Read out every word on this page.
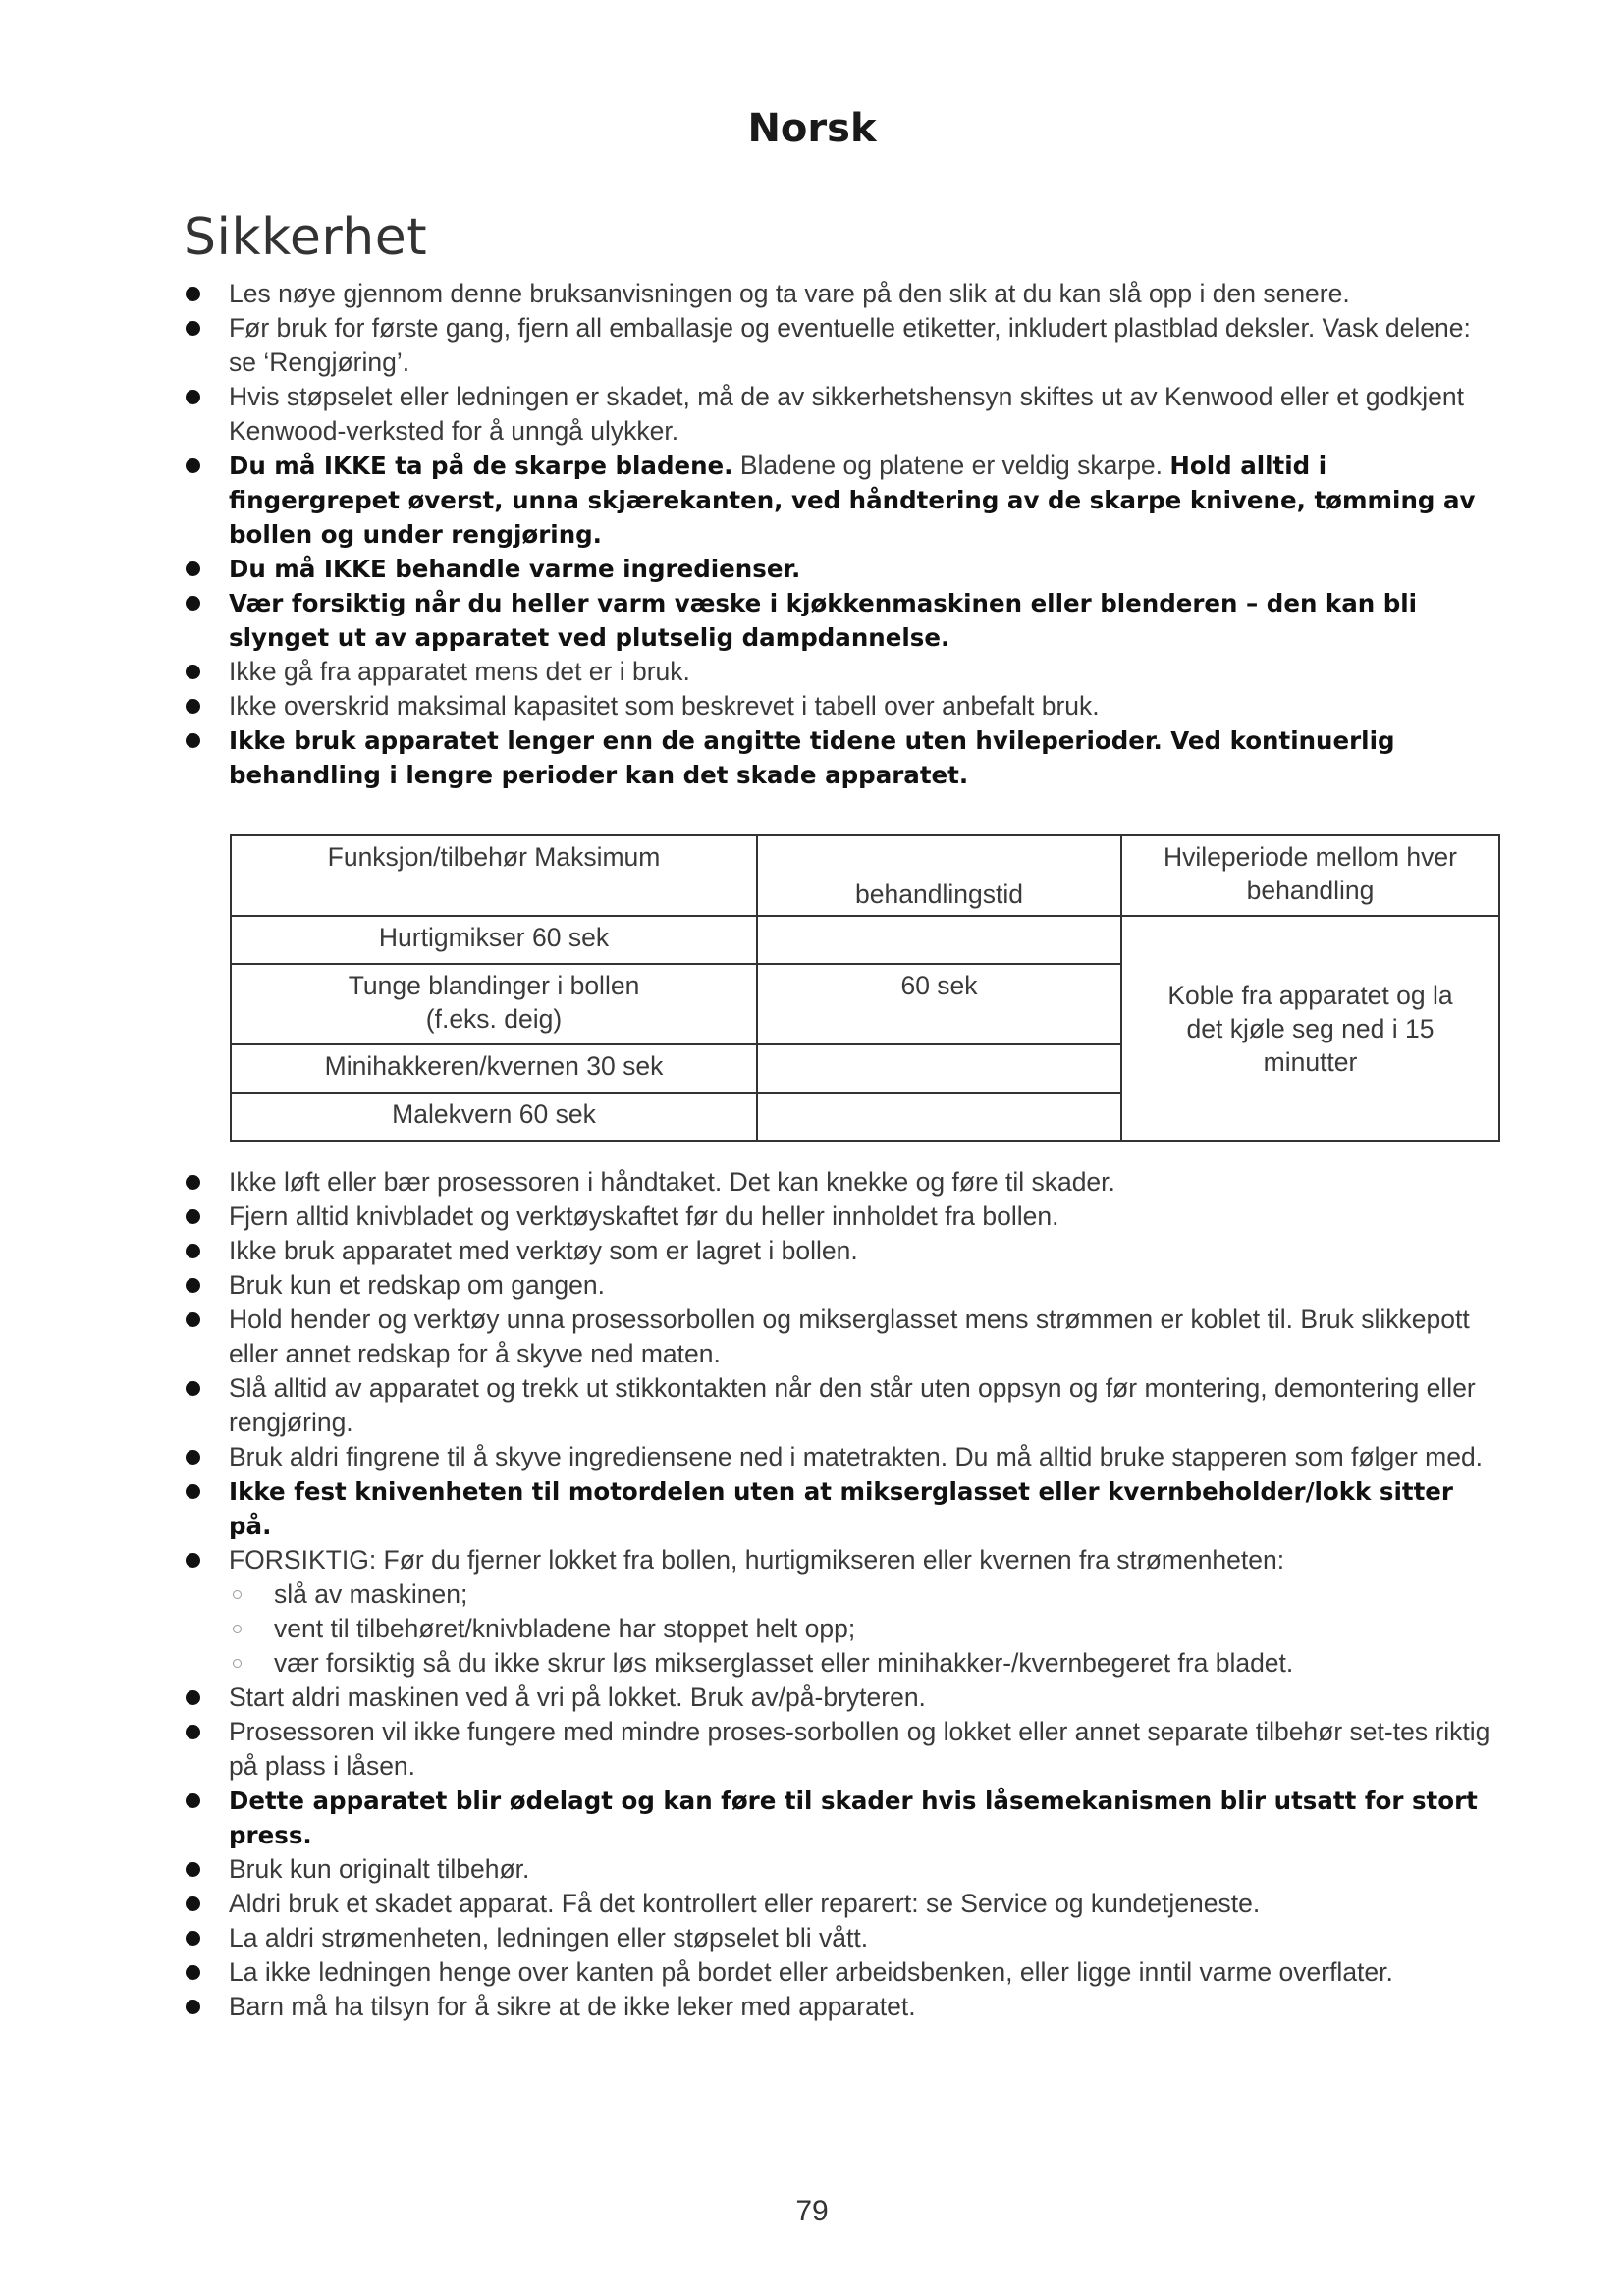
Norsk
Sikkerhet
Les nøye gjennom denne bruksanvisningen og ta vare på den slik at du kan slå opp i den senere.
Før bruk for første gang, fjern all emballasje og eventuelle etiketter, inkludert plastblad deksler. Vask delene: se ‘Rengjøring’.
Hvis støpselet eller ledningen er skadet, må de av sikkerhetshensyn skiftes ut av Kenwood eller et godkjent Kenwood-verksted for å unngå ulykker.
Du må IKKE ta på de skarpe bladene. Bladene og platene er veldig skarpe. Hold alltid i fingergrepet øverst, unna skjærekanten, ved håndtering av de skarpe knivene, tømming av bollen og under rengjøring.
Du må IKKE behandle varme ingredienser.
Vær forsiktig når du heller varm væske i kjøkkenmaskinen eller blenderen – den kan bli slynget ut av apparatet ved plutselig dampdannelse.
Ikke gå fra apparatet mens det er i bruk.
Ikke overskrid maksimal kapasitet som beskrevet i tabell over anbefalt bruk.
Ikke bruk apparatet lenger enn de angitte tidene uten hvileperioder. Ved kontinuerlig behandling i lengre perioder kan det skade apparatet.
Funksjon/tilbehør Maksimum	behandlingstid	Hvileperiode mellom hver behandling
Hurtigmikser 60 sek		Koble fra apparatet og la det kjøle seg ned i 15 minutter
Tunge blandinger i bollen (f.eks. deig)	60 sek	
Minihakkeren/kvernen 30 sek		
Malekvern 60 sek		
Ikke løft eller bær prosessoren i håndtaket. Det kan knekke og føre til skader.
Fjern alltid knivbladet og verktøyskaftet før du heller innholdet fra bollen.
Ikke bruk apparatet med verktøy som er lagret i bollen.
Bruk kun et redskap om gangen.
Hold hender og verktøy unna prosessorbollen og mikserglasset mens strømmen er koblet til. Bruk slikkepott eller annet redskap for å skyve ned maten.
Slå alltid av apparatet og trekk ut stikkontakten når den står uten oppsyn og før montering, demontering eller rengjøring.
Bruk aldri fingrene til å skyve ingrediensene ned i matetrakten. Du må alltid bruke stapperen som følger med.
Ikke fest knivenheten til motordelen uten at mikserglasset eller kvernbeholder/lokk sitter på.
FORSIKTIG: Før du fjerner lokket fra bollen, hurtigmikseren eller kvernen fra strømenheten:
slå av maskinen;
vent til tilbehøret/knivbladene har stoppet helt opp;
vær forsiktig så du ikke skrur løs mikserglasset eller minihakker-/kvernbegeret fra bladet.
Start aldri maskinen ved å vri på lokket. Bruk av/på-bryteren.
Prosessoren vil ikke fungere med mindre proses-sorbollen og lokket eller annet separate tilbehør set-tes riktig på plass i låsen.
Dette apparatet blir ødelagt og kan føre til skader hvis låsemekanismen blir utsatt for stort press.
Bruk kun originalt tilbehør.
Aldri bruk et skadet apparat. Få det kontrollert eller reparert: se Service og kundetjeneste.
La aldri strømenheten, ledningen eller støpselet bli vått.
La ikke ledningen henge over kanten på bordet eller arbeidsbenken, eller ligge inntil varme overflater.
Barn må ha tilsyn for å sikre at de ikke leker med apparatet.
79
